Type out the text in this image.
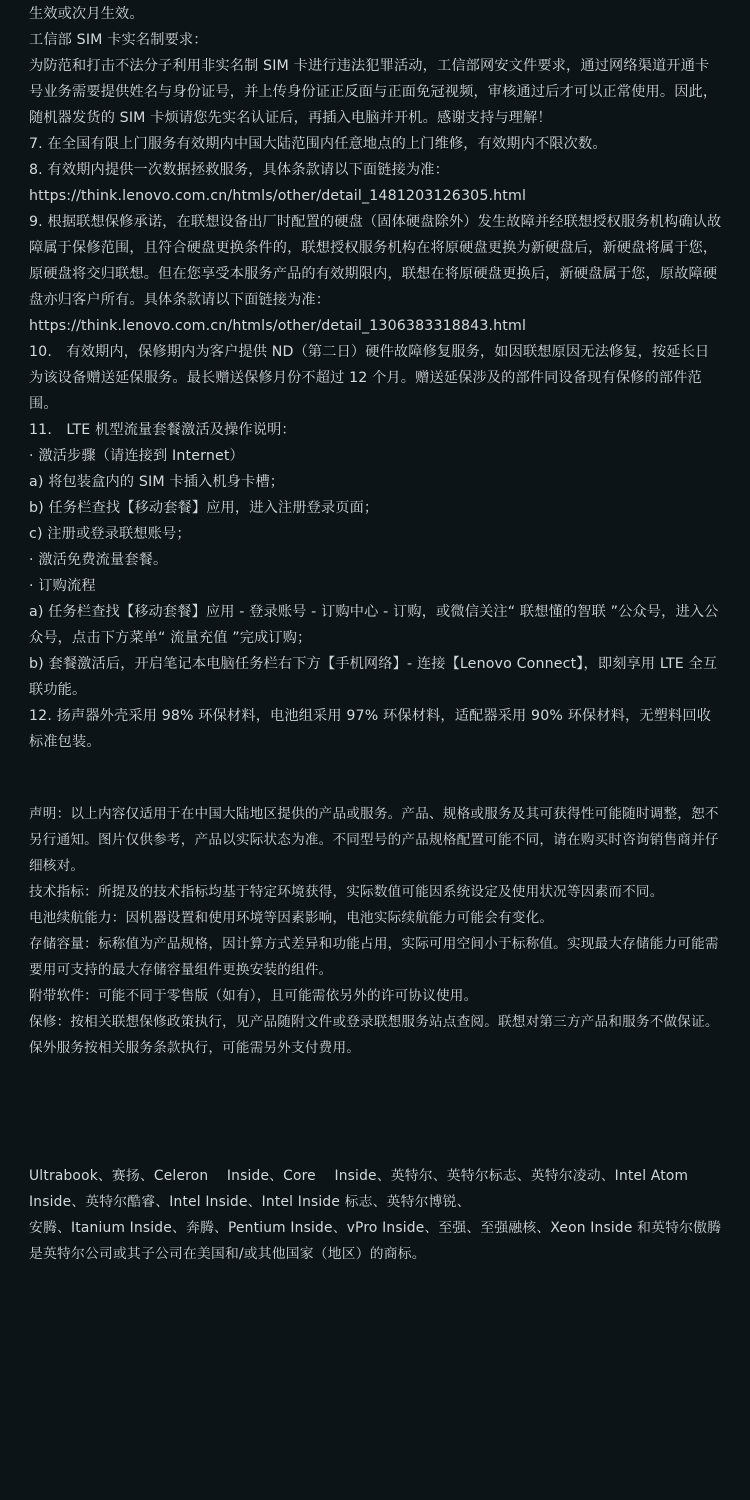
生效或次月生效。

工信部 SIM 卡实名制要求：

为防范和打击不法分子利用非实名制 SIM 卡进行违法犯罪活动，工信部网安文件要求，通过网络渠道开通卡号业务需要提供姓名与身份证号，并上传身份证正反面与正面免冠视频，审核通过后才可以正常使用。因此，随机器发货的 SIM 卡烦请您先实名认证后，再插入电脑并开机。感谢支持与理解！

7. 在全国有限上门服务有效期内中国大陆范围内任意地点的上门维修，有效期内不限次数。

8. 有效期内提供一次数据拯救服务，具体条款请以下面链接为准：

https://think.lenovo.com.cn/htmls/other/detail_1481203126305.html

9. 根据联想保修承诺，在联想设备出厂时配置的硬盘（固体硬盘除外）发生故障并经联想授权服务机构确认故障属于保修范围，且符合硬盘更换条件的，联想授权服务机构在将原硬盘更换为新硬盘后，新硬盘将属于您，原硬盘将交归联想。但在您享受本服务产品的有效期限内，联想在将原硬盘更换后，新硬盘属于您，原故障硬盘亦归客户所有。具体条款请以下面链接为准：

https://think.lenovo.com.cn/htmls/other/detail_1306383318843.html

10.　有效期内，保修期内为客户提供 ND（第二日）硬件故障修复服务，如因联想原因无法修复，按延长日为该设备赠送延保服务。最长赠送保修月份不超过 12 个月。赠送延保涉及的部件同设备现有保修的部件范围。

11.　LTE 机型流量套餐激活及操作说明：

· 激活步骤（请连接到 Internet）

a) 将包装盒内的 SIM 卡插入机身卡槽；

b) 任务栏查找【移动套餐】应用，进入注册登录页面；

c) 注册或登录联想账号；

· 激活免费流量套餐。

· 订购流程

a) 任务栏查找【移动套餐】应用 - 登录账号 - 订购中心 - 订购，或微信关注“ 联想懂的智联 ”公众号，进入公众号，点击下方菜单“ 流量充值 ”完成订购；

b) 套餐激活后，开启笔记本电脑任务栏右下方【手机网络】- 连接【Lenovo Connect】，即刻享用 LTE 全互联功能。

12. 扬声器外壳采用 98% 环保材料，电池组采用 97% 环保材料，适配器采用 90% 环保材料，无塑料回收标准包装。

声明：以上内容仅适用于在中国大陆地区提供的产品或服务。产品、规格或服务及其可获得性可能随时调整，恕不另行通知。图片仅供参考，产品以实际状态为准。不同型号的产品规格配置可能不同，请在购买时咨询销售商并仔细核对。

技术指标：所提及的技术指标均基于特定环境获得，实际数值可能因系统设定及使用状况等因素而不同。

电池续航能力：因机器设置和使用环境等因素影响，电池实际续航能力可能会有变化。

存储容量：标称值为产品规格，因计算方式差异和功能占用，实际可用空间小于标称值。实现最大存储能力可能需要用可支持的最大存储容量组件更换安装的组件。

附带软件：可能不同于零售版（如有），且可能需依另外的许可协议使用。

保修：按相关联想保修政策执行，见产品随附文件或登录联想服务站点查阅。联想对第三方产品和服务不做保证。保外服务按相关服务条款执行，可能需另外支付费用。

Ultrabook、赛扬、Celeron　 Inside、Core　 Inside、英特尔、英特尔标志、英特尔凌动、Intel Atom Inside、英特尔酷睿、Intel Inside、Intel Inside 标志、英特尔博锐、

安腾、Itanium Inside、奔腾、Pentium Inside、vPro Inside、至强、至强融核、Xeon Inside 和英特尔傲腾是英特尔公司或其子公司在美国和/或其他国家（地区）的商标。
